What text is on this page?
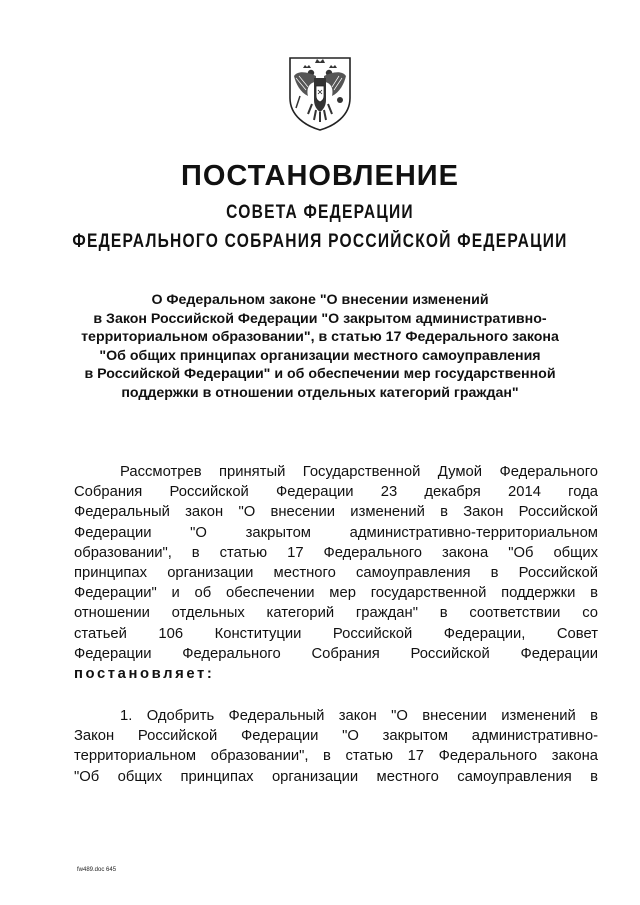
ПОСТАНОВЛЕНИЕ
СОВЕТА ФЕДЕРАЦИИ
ФЕДЕРАЛЬНОГО СОБРАНИЯ РОССИЙСКОЙ ФЕДЕРАЦИИ
О Федеральном законе "О внесении изменений
в Закон Российской Федерации "О закрытом административно-
территориальном образовании", в статью 17 Федерального закона
"Об общих принципах организации местного самоуправления
в Российской Федерации" и об обеспечении мер государственной
поддержки в отношении отдельных категорий граждан"
Рассмотрев принятый Государственной Думой Федерального
Собрания Российской Федерации 23 декабря 2014 года
Федеральный закон "О внесении изменений в Закон Российской
Федерации "О закрытом административно-территориальном
образовании", в статью 17 Федерального закона "Об общих
принципах организации местного самоуправления в Российской
Федерации" и об обеспечении мер государственной поддержки в
отношении отдельных категорий граждан" в соответствии со
статьей 106 Конституции Российской Федерации, Совет
Федерации Федерального Собрания Российской Федерации
постановляет:
1. Одобрить Федеральный закон "О внесении изменений в
Закон Российской Федерации "О закрытом административно-
территориальном образовании", в статью 17 Федерального закона
"Об общих принципах организации местного самоуправления в
fw489.doc 645
